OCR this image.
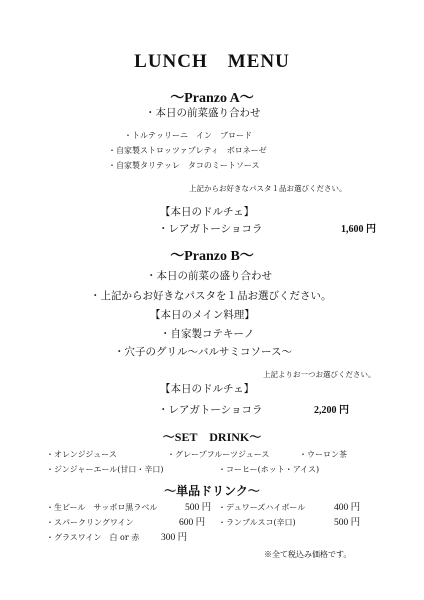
LUNCH　MENU
～Pranzo A～
・本日の前菜盛り合わせ
・トルテッリーニ　イン　ブロード
・自家製ストロッツァプレティ　ボロネーゼ
・自家製タリテッレ　タコのミートソース
上記からお好きなパスタ１品お選びください。
【本日のドルチェ】
・レアガトーショコラ	1,600 円
～Pranzo B～
・本日の前菜の盛り合わせ
・上記からお好きなパスタを１品お選びください。
【本日のメイン料理】
・自家製コテキーノ
・穴子のグリル～バルサミコソース～
上記よりお一つお選びください。
【本日のドルチェ】
・レアガトーショコラ	2,200 円
～SET　DRINK～
・オレンジジュース	・グレープフルーツジュース	・ウーロン茶
・ジンジャーエール(甘口・辛口)	・コーヒー(ホット・アイス)
～単品ドリンク～
・生ビール　サッポロ黒ラベル	500 円 ・デュワーズハイボール	400 円
・スパークリングワイン	600 円 ・ランブルスコ(辛口)	500 円
・グラスワイン　白 or 赤 300 円
※全て税込み価格です。
